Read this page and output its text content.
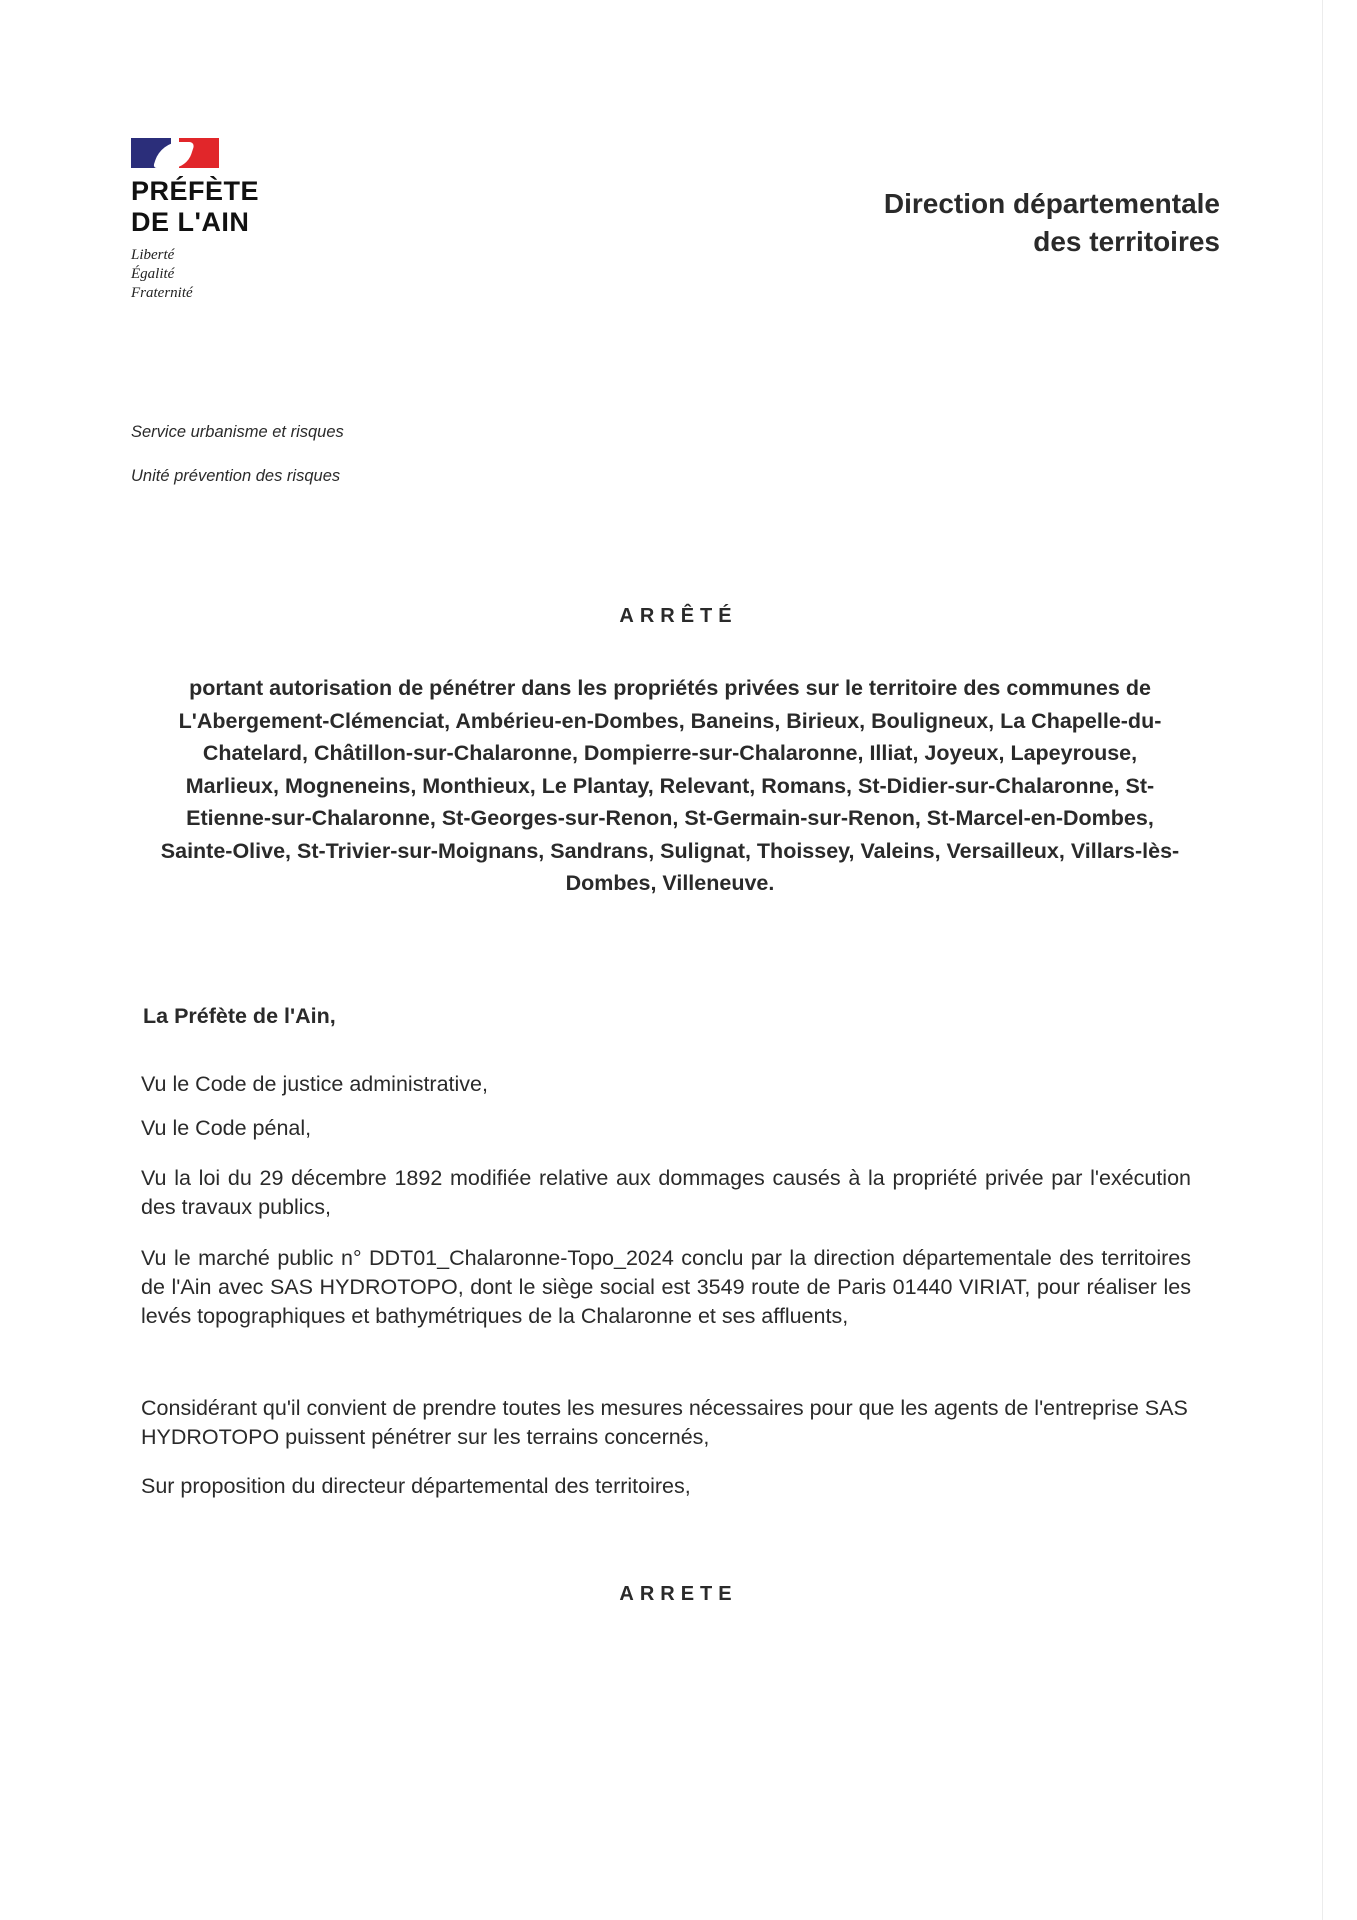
PRÉFÈTE
DE L'AIN
Liberté
Égalité
Fraternité
Direction départementale
des territoires
Service urbanisme et risques
Unité prévention des risques
ARRÊTÉ
portant autorisation de pénétrer dans les propriétés privées sur le territoire des communes de L'Abergement-Clémenciat, Ambérieu-en-Dombes, Baneins, Birieux, Bouligneux, La Chapelle-du-Chatelard, Châtillon-sur-Chalaronne, Dompierre-sur-Chalaronne, Illiat, Joyeux, Lapeyrouse, Marlieux, Mogneneins, Monthieux, Le Plantay, Relevant, Romans, St-Didier-sur-Chalaronne, St-Etienne-sur-Chalaronne, St-Georges-sur-Renon, St-Germain-sur-Renon, St-Marcel-en-Dombes, Sainte-Olive, St-Trivier-sur-Moignans, Sandrans, Sulignat, Thoissey, Valeins, Versailleux, Villars-lès-Dombes, Villeneuve.
La Préfète de l'Ain,
Vu le Code de justice administrative,
Vu le Code pénal,
Vu la loi du 29 décembre 1892 modifiée relative aux dommages causés à la propriété privée par l'exécution des travaux publics,
Vu le marché public n° DDT01_Chalaronne-Topo_2024 conclu par la direction départementale des territoires de l'Ain avec SAS HYDROTOPO, dont le siège social est 3549 route de Paris 01440 VIRIAT, pour réaliser les levés topographiques et bathymétriques de la Chalaronne et ses affluents,
Considérant qu'il convient de prendre toutes les mesures nécessaires pour que les agents de l'entreprise SAS HYDROTOPO puissent pénétrer sur les terrains concernés,
Sur proposition du directeur départemental des territoires,
ARRETE
